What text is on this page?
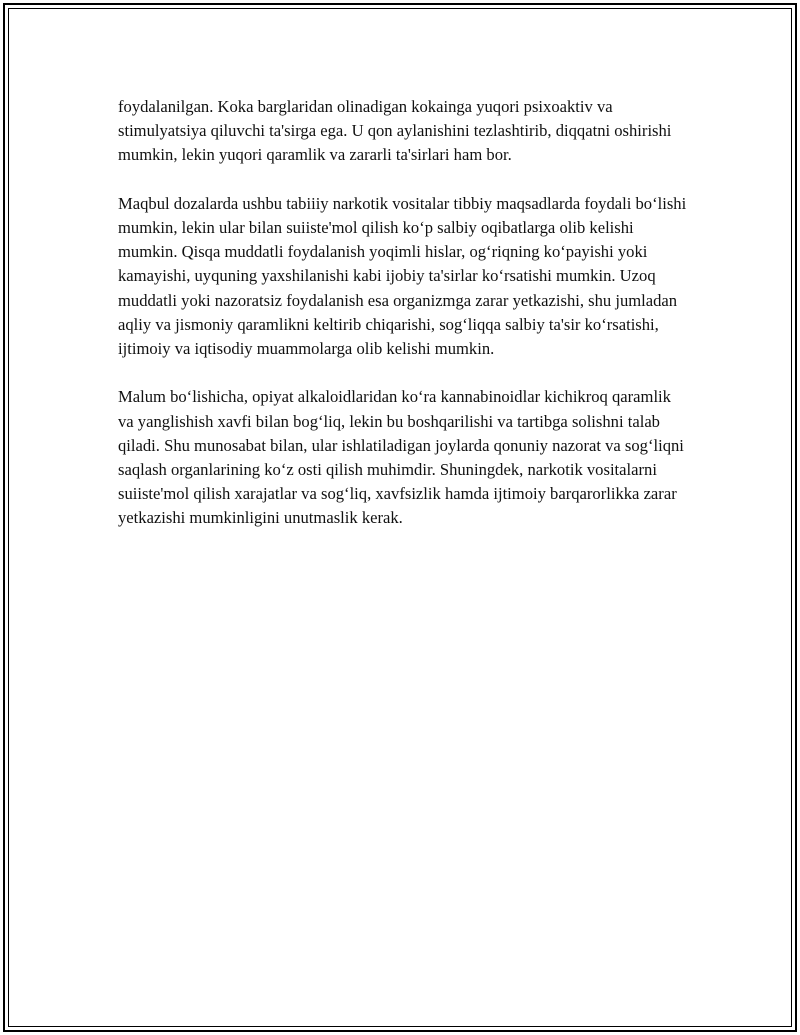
foydalanilgan. Koka barglaridan olinadigan kokainga yuqori psixoaktiv va stimulyatsiya qiluvchi ta'sirga ega. U qon aylanishini tezlashtirib, diqqatni oshirishi mumkin, lekin yuqori qaramlik va zararli ta'sirlari ham bor.

Maqbul dozalarda ushbu tabiiiy narkotik vositalar tibbiy maqsadlarda foydali bo‘lishi mumkin, lekin ular bilan suiiste'mol qilish ko‘p salbiy oqibatlarga olib kelishi mumkin. Qisqa muddatli foydalanish yoqimli hislar, og‘riqning ko‘payishi yoki kamayishi, uyquning yaxshilanishi kabi ijobiy ta'sirlar ko‘rsatishi mumkin. Uzoq muddatli yoki nazoratsiz foydalanish esa organizmga zarar yetkazishi, shu jumladan aqliy va jismoniy qaramlikni keltirib chiqarishi, sog‘liqqa salbiy ta'sir ko‘rsatishi, ijtimoiy va iqtisodiy muammolarga olib kelishi mumkin.

Malum bo‘lishicha, opiyat alkaloidlaridan ko‘ra kannabinoidlar kichikroq qaramlik va yanglishish xavfi bilan bog‘liq, lekin bu boshqarilishi va tartibga solishni talab qiladi. Shu munosabat bilan, ular ishlatiladigan joylarda qonuniy nazorat va sog‘liqni saqlash organlarining ko‘z osti qilish muhimdir. Shuningdek, narkotik vositalarni suiiste'mol qilish xarajatlar va sog‘liq, xavfsizlik hamda ijtimoiy barqarorlikka zarar yetkazishi mumkinligini unutmaslik kerak.
